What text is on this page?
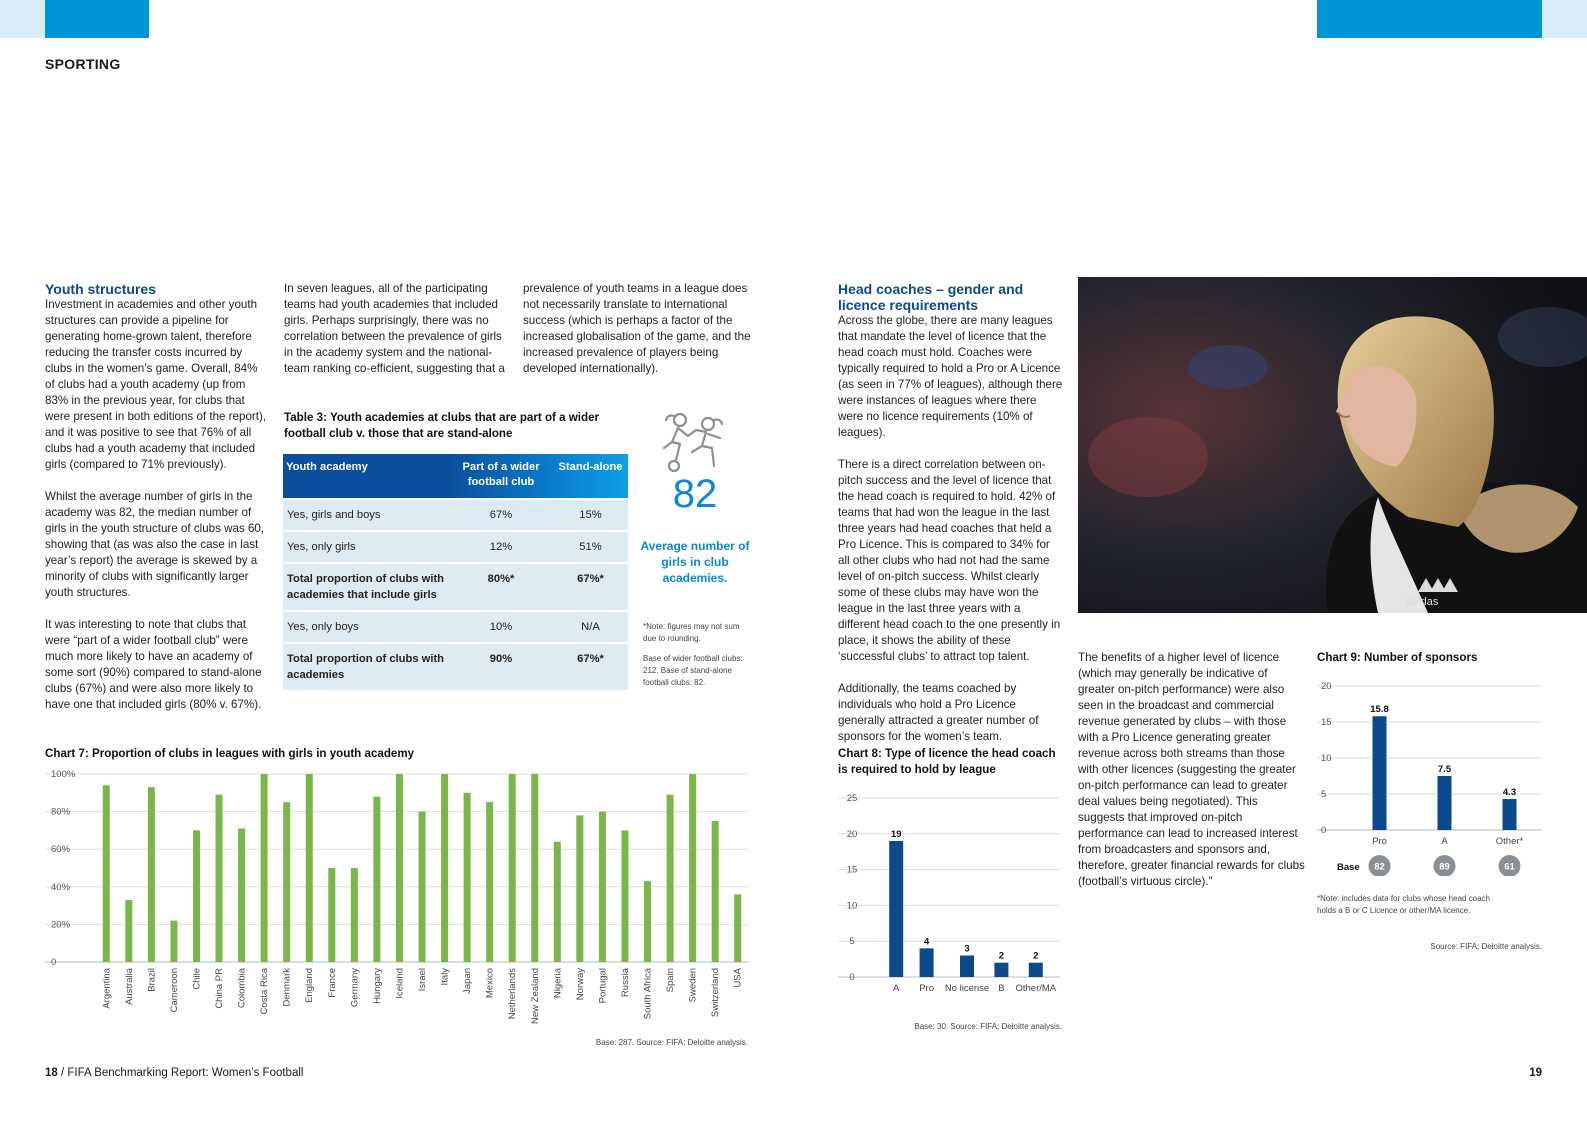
SPORTING
Youth structures

Investment in academies and other youth structures can provide a pipeline for generating home-grown talent, therefore reducing the transfer costs incurred by clubs in the women’s game. Overall, 84% of clubs had a youth academy (up from 83% in the previous year, for clubs that were present in both editions of the report), and it was positive to see that 76% of all clubs had a youth academy that included girls (compared to 71% previously).

Whilst the average number of girls in the academy was 82, the median number of girls in the youth structure of clubs was 60, showing that (as was also the case in last year’s report) the average is skewed by a minority of clubs with significantly larger youth structures.

It was interesting to note that clubs that were “part of a wider football club” were much more likely to have an academy of some sort (90%) compared to stand-alone clubs (67%) and were also more likely to have one that included girls (80% v. 67%).

In seven leagues, all of the participating teams had youth academies that included girls. Perhaps surprisingly, there was no correlation between the prevalence of girls in the academy system and the national-team ranking co-efficient, suggesting that a
prevalence of youth teams in a league does not necessarily translate to international success (which is perhaps a factor of the increased globalisation of the game, and the increased prevalence of players being developed internationally).
Table 3: Youth academies at clubs that are part of a wider football club v. those that are stand-alone
Youth academy	Part of a wider football club	Stand-alone
Yes, girls and boys	67%	15%
Yes, only girls	12%	51%
Total proportion of clubs with academies that include girls	80%*	67%*
Yes, only boys	10%	N/A
Total proportion of clubs with academies	90%	67%*
82
Average number of girls in club academies.
*Note: figures may not sum due to rounding.
Base of wider football clubs: 212. Base of stand-alone football clubs: 82.
Chart 7: Proportion of clubs in leagues with girls in youth academy
0
20%
40%
60%
80%
100%
Argentina Australia Brazil Cameroon Chile China PR Colombia Costa Rica Denmark England France Germany Hungary Iceland Israel Italy Japan Mexico Netherlands New Zealand Nigeria Norway Portugal Russia South Africa Spain Sweden Switzerland USA
Base: 287. Source: FIFA; Deloitte analysis.
Head coaches – gender and licence requirements

Across the globe, there are many leagues that mandate the level of licence that the head coach must hold. Coaches were typically required to hold a Pro or A Licence (as seen in 77% of leagues), although there were instances of leagues where there were no licence requirements (10% of leagues).

There is a direct correlation between on-pitch success and the level of licence that the head coach is required to hold. 42% of teams that had won the league in the last three years had head coaches that held a Pro Licence. This is compared to 34% for all other clubs who had not had the same level of on-pitch success. Whilst clearly some of these clubs may have won the league in the last three years with a different head coach to the one presently in place, it shows the ability of these ‘successful clubs’ to attract top talent.

Additionally, the teams coached by individuals who hold a Pro Licence generally attracted a greater number of sponsors for the women’s team.

adidas
Chart 8: Type of licence the head coach is required to hold by league
0
5
10
15
20
25
19
A
4
Pro
3
No license
2
B
2
Other/MA
Base: 30. Source: FIFA; Deloitte analysis.
The benefits of a higher level of licence (which may generally be indicative of greater on-pitch performance) were also seen in the broadcast and commercial revenue generated by clubs – with those with a Pro Licence generating greater revenue across both streams than those with other licences (suggesting the greater on-pitch performance can lead to greater deal values being negotiated). This suggests that improved on-pitch performance can lead to increased interest from broadcasters and sponsors and, therefore, greater financial rewards for clubs (football’s virtuous circle).”
Chart 9: Number of sponsors
0
5
10
15
20
15.8
Pro
82
7.5
A
89
4.3
Other*
61
Base
*Note: includes data for clubs whose head coach holds a B or C Licence or other/MA licence.
Source: FIFA; Deloitte analysis.
18 / FIFA Benchmarking Report: Women’s Football	19
